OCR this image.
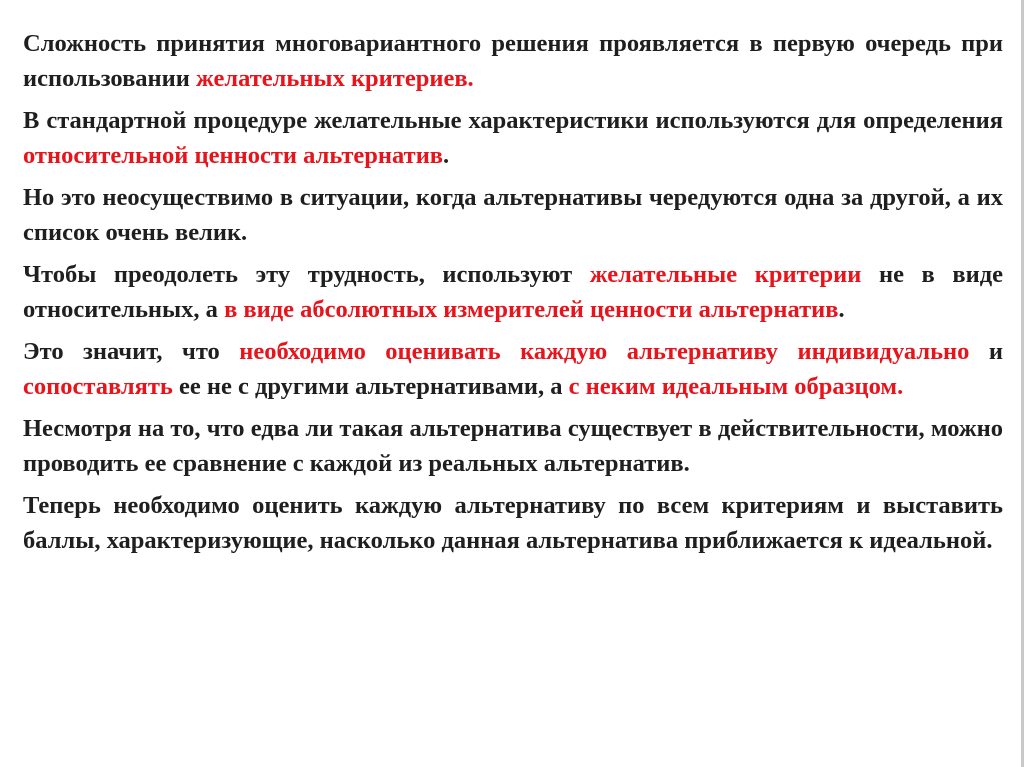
Сложность принятия многовариантного решения проявляется в первую очередь при использовании желательных критериев.

В стандартной процедуре желательные характеристики используются для определения относительной ценности альтернатив.

Но это неосуществимо в ситуации, когда альтернативы чередуются одна за другой, а их список очень велик.

Чтобы преодолеть эту трудность, используют желательные критерии не в виде относительных, а в виде абсолютных измерителей ценности альтернатив.

Это значит, что необходимо оценивать каждую альтернативу индивидуально и сопоставлять ее не с другими альтернативами, а с неким идеальным образцом.

Несмотря на то, что едва ли такая альтернатива существует в действительности, можно проводить ее сравнение с каждой из реальных альтернатив.

Теперь необходимо оценить каждую альтернативу по всем критериям и выставить баллы, характеризующие, насколько данная альтернатива приближается к идеальной.
